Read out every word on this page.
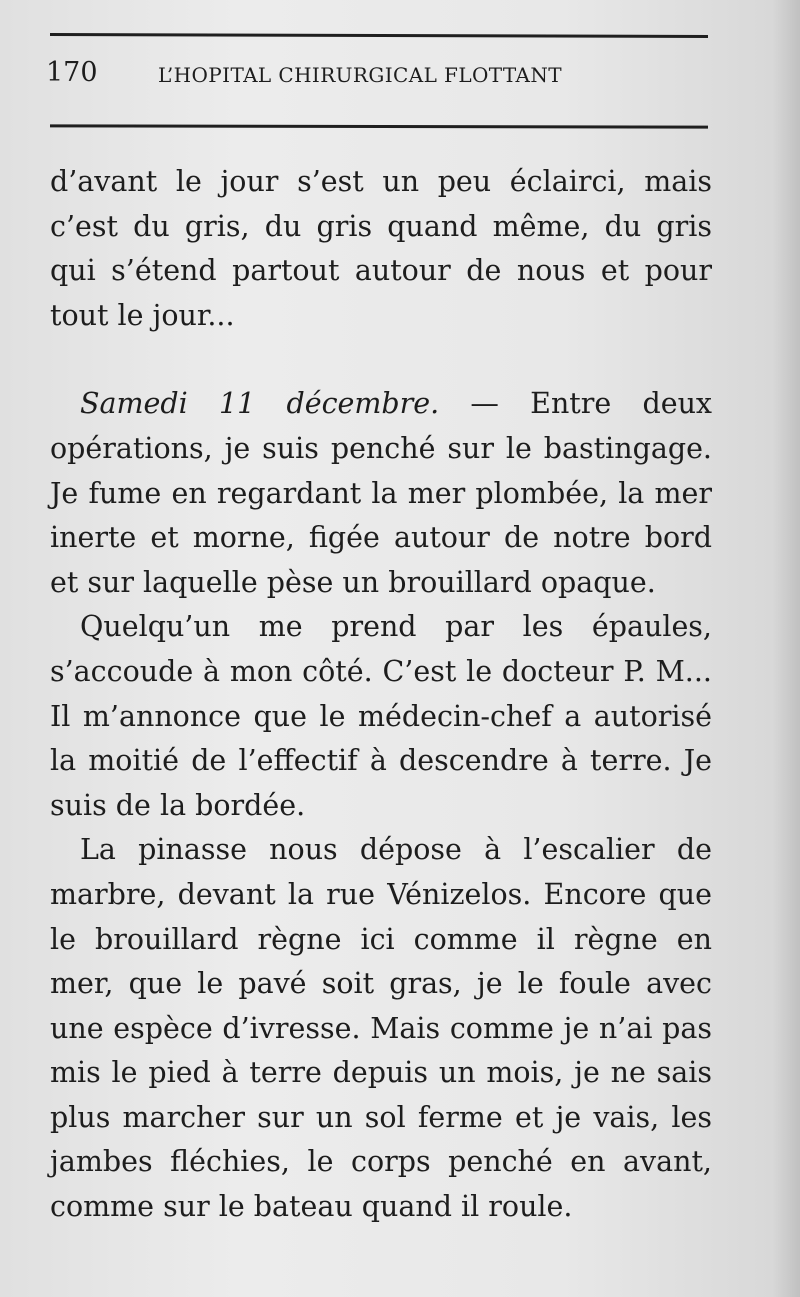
170	L’HOPITAL CHIRURGICAL FLOTTANT

d’avant le jour s’est un peu éclairci, mais c’est du gris, du gris quand même, du gris qui s’étend partout autour de nous et pour tout le jour...

Samedi 11 décembre. — Entre deux opérations, je suis penché sur le bastingage. Je fume en regardant la mer plombée, la mer inerte et morne, figée autour de notre bord et sur laquelle pèse un brouillard opaque.

Quelqu’un me prend par les épaules, s’accoude à mon côté. C’est le docteur P. M... Il m’annonce que le médecin-chef a autorisé la moitié de l’effectif à descendre à terre. Je suis de la bordée.

La pinasse nous dépose à l’escalier de marbre, devant la rue Vénizelos. Encore que le brouillard règne ici comme il règne en mer, que le pavé soit gras, je le foule avec une espèce d’ivresse. Mais comme je n’ai pas mis le pied à terre depuis un mois, je ne sais plus marcher sur un sol ferme et je vais, les jambes fléchies, le corps penché en avant, comme sur le bateau quand il roule.
